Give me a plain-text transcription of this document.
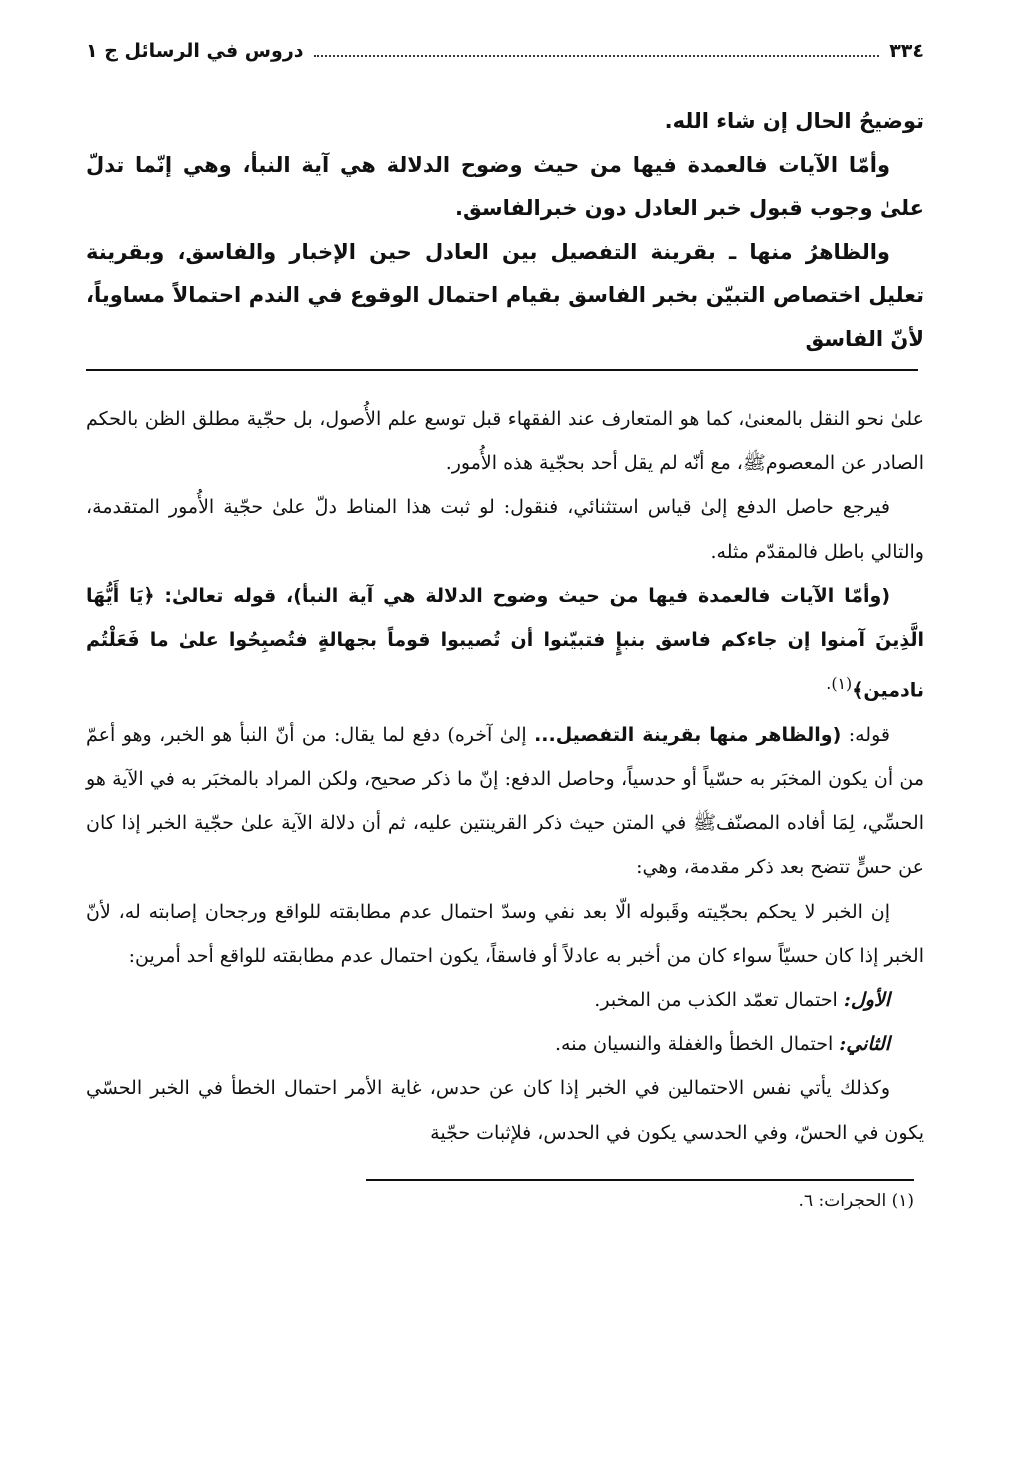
٣٣٤
دروس في الرسائل ج ١

توضيحُ الحال إن شاء الله.

وأمّا الآيات فالعمدة فيها من حيث وضوح الدلالة هي آية النبأ، وهي إنّما تدلّ علىٰ وجوب قبول خبر العادل دون خبرالفاسق.

والظاهرُ منها ـ بقرينة التفصيل بين العادل حين الإخبار والفاسق، وبقرينة تعليل اختصاص التبيّن بخبر الفاسق بقيام احتمال الوقوع في الندم احتمالاً مساوياً، لأنّ الفاسق

علىٰ نحو النقل بالمعنىٰ، كما هو المتعارف عند الفقهاء قبل توسع علم الأُصول، بل حجّية مطلق الظن بالحكم الصادر عن المعصومﷺ، مع أنّه لم يقل أحد بحجّية هذه الأُمور.

فيرجع حاصل الدفع إلىٰ قياس استثنائي، فنقول: لو ثبت هذا المناط دلّ علىٰ حجّية الأُمور المتقدمة، والتالي باطل فالمقدّم مثله.

(وأمّا الآيات فالعمدة فيها من حيث وضوح الدلالة هي آية النبأ)، قوله تعالىٰ: ﴿يَا أَيُّهَا الَّذِينَ آمنوا إن جاءكم فاسق بنبإٍ فتبيّنوا أن تُصيبوا قوماً بجهالةٍ فتُصبِحُوا علىٰ ما فَعَلْتُم نادمين﴾$^{(١).}$

قوله: (والظاهر منها بقرينة التفصيل... إلىٰ آخره) دفع لما يقال: من أنّ النبأ هو الخبر، وهو أعمّ من أن يكون المخبَر به حسّياً أو حدسياً، وحاصل الدفع: إنّ ما ذكر صحيح، ولكن المراد بالمخبَر به في الآية هو الحسِّي، لِمَا أفاده المصنّفﷺ في المتن حيث ذكر القرينتين عليه، ثم أن دلالة الآية علىٰ حجّية الخبر إذا كان عن حسٍّ تتضح بعد ذكر مقدمة، وهي:

إن الخبر لا يحكم بحجّيته وقَبوله الّا بعد نفي وسدّ احتمال عدم مطابقته للواقع ورجحان إصابته له، لأنّ الخبر إذا كان حسيّاً سواء كان من أخبر به عادلاً أو فاسقاً، يكون احتمال عدم مطابقته للواقع أحد أمرين:

الأول: احتمال تعمّد الكذب من المخبر.

الثاني: احتمال الخطأ والغفلة والنسيان منه.

وكذلك يأتي نفس الاحتمالين في الخبر إذا كان عن حدس، غاية الأمر احتمال الخطأ في الخبر الحسّي يكون في الحسّ، وفي الحدسي يكون في الحدس، فلإثبات حجّية

(١) الحجرات: ٦.
